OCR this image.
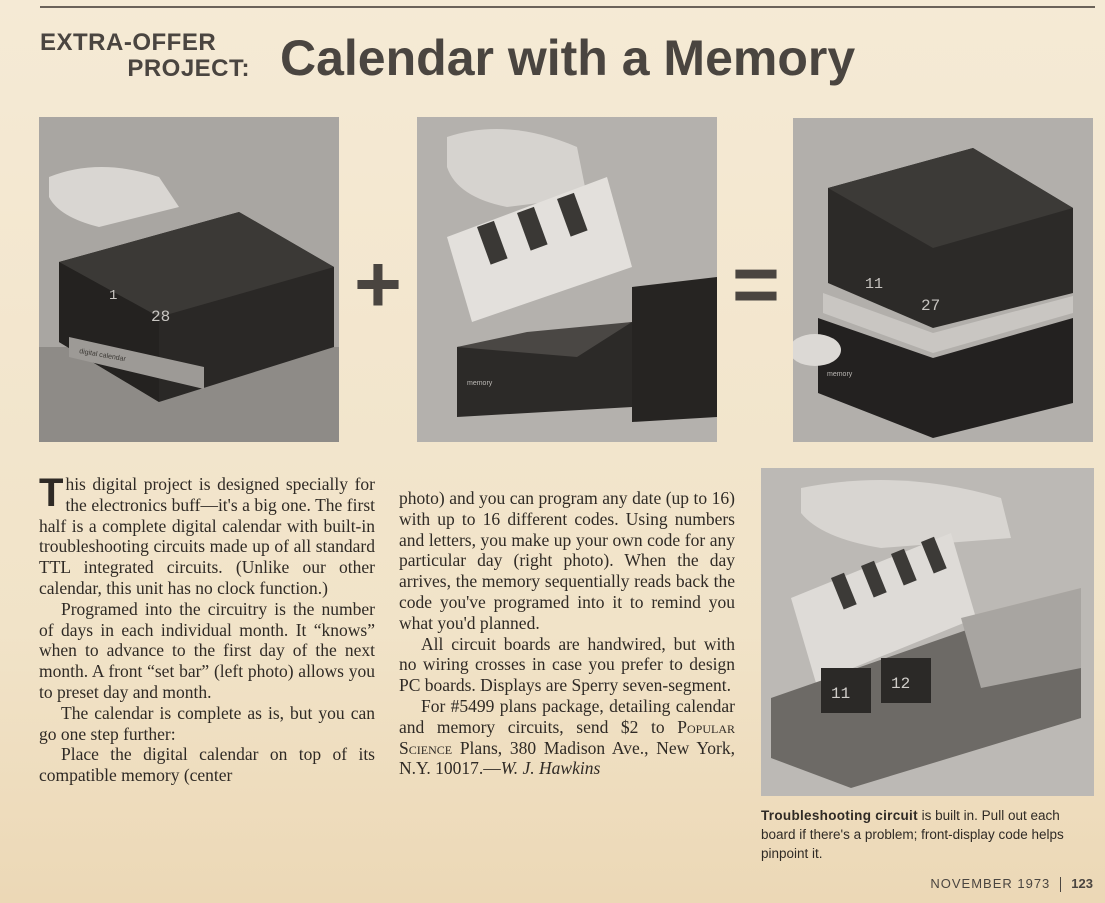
EXTRA-OFFER
PROJECT: Calendar with a Memory
1
28
digital calendar
+
memory
=	11
27
memory

This digital project is designed specially for the electronics buff—it's a big one. The first half is a complete digital calendar with built-in troubleshooting circuits made up of all standard TTL integrated circuits. (Unlike our other calendar, this unit has no clock function.)

Programed into the circuitry is the number of days in each individual month. It “knows” when to advance to the first day of the next month. A front “set bar” (left photo) allows you to preset day and month.

The calendar is complete as is, but you can go one step further:

Place the digital calendar on top of its compatible memory (center

photo) and you can program any date (up to 16) with up to 16 different codes. Using numbers and letters, you make up your own code for any particular day (right photo). When the day arrives, the memory sequentially reads back the code you've programed into it to remind you what you'd planned.

All circuit boards are handwired, but with no wiring crosses in case you prefer to design PC boards. Displays are Sperry seven-segment.

For #5499 plans package, detailing calendar and memory circuits, send $2 to Popular Science Plans, 380 Madison Ave., New York, N.Y. 10017.—W. J. Hawkins

11
12
Troubleshooting circuit is built in. Pull out each board if there's a problem; front-display code helps pinpoint it.
NOVEMBER 1973 123
